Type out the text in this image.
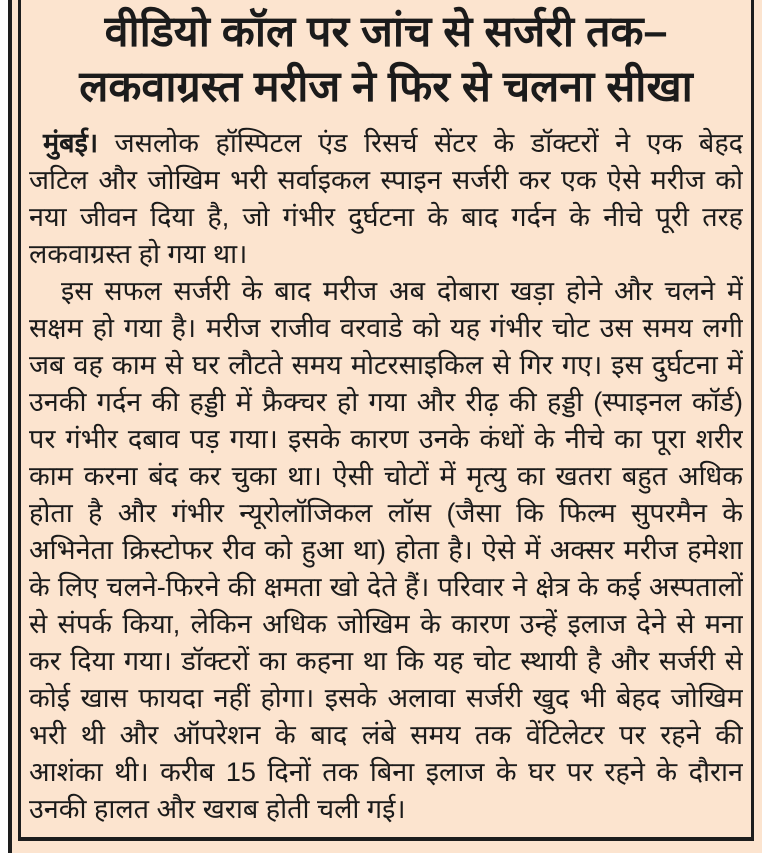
वीडियो कॉल पर जांच से सर्जरी तक–
लकवाग्रस्त मरीज ने फिर से चलना सीखा
मुंबई। जसलोक हॉस्पिटल एंड रिसर्च सेंटर के डॉक्टरों ने एक बेहद
जटिल और जोखिम भरी सर्वाइकल स्पाइन सर्जरी कर एक ऐसे मरीज को
नया जीवन दिया है, जो गंभीर दुर्घटना के बाद गर्दन के नीचे पूरी तरह
लकवाग्रस्त हो गया था।
इस सफल सर्जरी के बाद मरीज अब दोबारा खड़ा होने और चलने में
सक्षम हो गया है। मरीज राजीव वरवाडे को यह गंभीर चोट उस समय लगी
जब वह काम से घर लौटते समय मोटरसाइकिल से गिर गए। इस दुर्घटना में
उनकी गर्दन की हड्डी में फ्रैक्चर हो गया और रीढ़ की हड्डी (स्पाइनल कॉर्ड)
पर गंभीर दबाव पड़ गया। इसके कारण उनके कंधों के नीचे का पूरा शरीर
काम करना बंद कर चुका था। ऐसी चोटों में मृत्यु का खतरा बहुत अधिक
होता है और गंभीर न्यूरोलॉजिकल लॉस (जैसा कि फिल्म सुपरमैन के
अभिनेता क्रिस्टोफर रीव को हुआ था) होता है। ऐसे में अक्सर मरीज हमेशा
के लिए चलने-फिरने की क्षमता खो देते हैं। परिवार ने क्षेत्र के कई अस्पतालों
से संपर्क किया, लेकिन अधिक जोखिम के कारण उन्हें इलाज देने से मना
कर दिया गया। डॉक्टरों का कहना था कि यह चोट स्थायी है और सर्जरी से
कोई खास फायदा नहीं होगा। इसके अलावा सर्जरी खुद भी बेहद जोखिम
भरी थी और ऑपरेशन के बाद लंबे समय तक वेंटिलेटर पर रहने की
आशंका थी। करीब 15 दिनों तक बिना इलाज के घर पर रहने के दौरान
उनकी हालत और खराब होती चली गई।
